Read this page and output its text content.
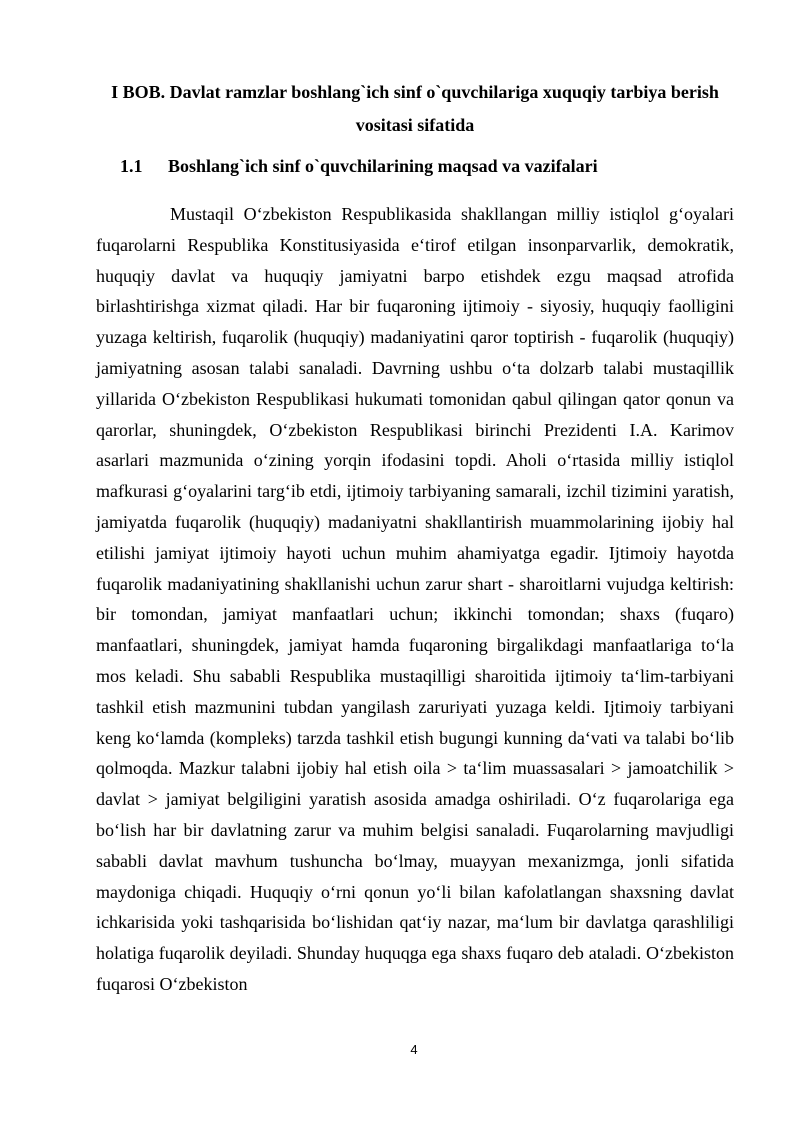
I BOB. Davlat ramzlar boshlang`ich sinf o`quvchilariga xuquqiy tarbiya berish vositasi sifatida
1.1 Boshlang`ich sinf o`quvchilarining maqsad va vazifalari

Mustaqil O‘zbekiston Respublikasida shakllangan milliy istiqlol g‘oyalari fuqarolarni Respublika Konstitusiyasida e‘tirof etilgan insonparvarlik, demokratik, huquqiy davlat va huquqiy jamiyatni barpo etishdek ezgu maqsad atrofida birlashtirishga xizmat qiladi. Har bir fuqaroning ijtimoiy - siyosiy, huquqiy faolligini yuzaga keltirish, fuqarolik (huquqiy) madaniyatini qaror toptirish - fuqarolik (huquqiy) jamiyatning asosan talabi sanaladi. Davrning ushbu o‘ta dolzarb talabi mustaqillik yillarida O‘zbekiston Respublikasi hukumati tomonidan qabul qilingan qator qonun va qarorlar, shuningdek, O‘zbekiston Respublikasi birinchi Prezidenti I.A. Karimov asarlari mazmunida o‘zining yorqin ifodasini topdi. Aholi o‘rtasida milliy istiqlol mafkurasi g‘oyalarini targ‘ib etdi, ijtimoiy tarbiyaning samarali, izchil tizimini yaratish, jamiyatda fuqarolik (huquqiy) madaniyatni shakllantirish muammolarining ijobiy hal etilishi jamiyat ijtimoiy hayoti uchun muhim ahamiyatga egadir. Ijtimoiy hayotda fuqarolik madaniyatining shakllanishi uchun zarur shart - sharoitlarni vujudga keltirish: bir tomondan, jamiyat manfaatlari uchun; ikkinchi tomondan; shaxs (fuqaro) manfaatlari, shuningdek, jamiyat hamda fuqaroning birgalikdagi manfaatlariga to‘la mos keladi. Shu sababli Respublika mustaqilligi sharoitida ijtimoiy ta‘lim-tarbiyani tashkil etish mazmunini tubdan yangilash zaruriyati yuzaga keldi. Ijtimoiy tarbiyani keng ko‘lamda (kompleks) tarzda tashkil etish bugungi kunning da‘vati va talabi bo‘lib qolmoqda. Mazkur talabni ijobiy hal etish oila > ta‘lim muassasalari > jamoatchilik > davlat > jamiyat belgiligini yaratish asosida amadga oshiriladi. O‘z fuqarolariga ega bo‘lish har bir davlatning zarur va muhim belgisi sanaladi. Fuqarolarning mavjudligi sababli davlat mavhum tushuncha bo‘lmay, muayyan mexanizmga, jonli sifatida maydoniga chiqadi. Huquqiy o‘rni qonun yo‘li bilan kafolatlangan shaxsning davlat ichkarisida yoki tashqarisida bo‘lishidan qat‘iy nazar, ma‘lum bir davlatga qarashliligi holatiga fuqarolik deyiladi. Shunday huquqga ega shaxs fuqaro deb ataladi. O‘zbekiston fuqarosi O‘zbekiston

4
